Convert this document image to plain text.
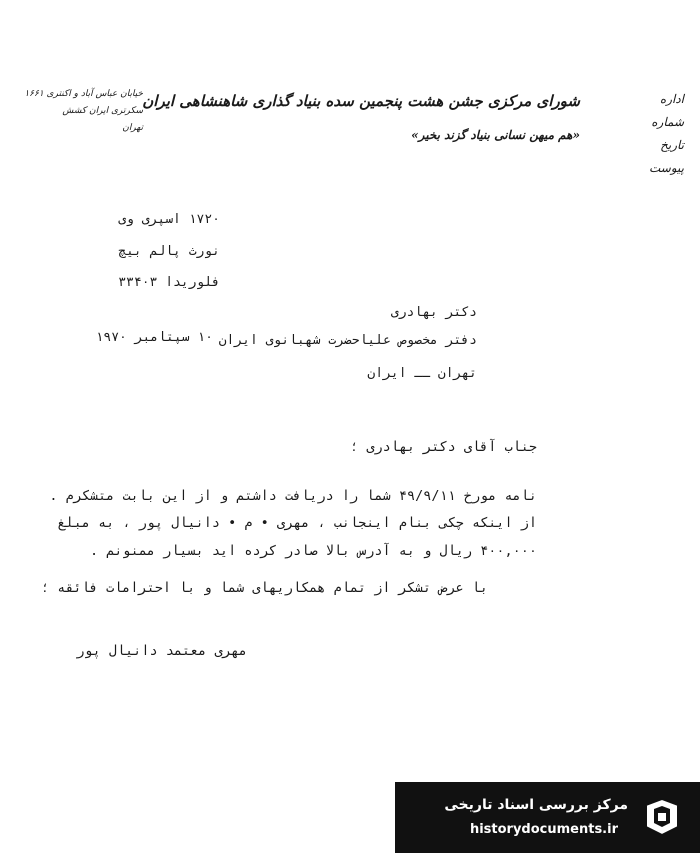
شورای مرکزی جشن هشت پنجمین سده بنیاد گذاری شاهنشاهی ایران
«هم میهن نسانی بنیاد گزند بخیر»
خیابان عباس آباد و اکنتری ۱۶۶۱
سکرتری ایران کشش
تهران
اداره
شماره
تاریخ
پیوست
۱۷۲۰ اسپری وی
نورث پالم بیچ
فلوریدا ۳۳۴۰۳
۱۰ سپتامبر ۱۹۷۰
دکتر بهادری
دفتر مخصوص علیاحضرت شهبانوی ایران
تهران ــ ایران
جناب آقای دکتر بهادری ؛
نامه مورخ ۴۹/۹/۱۱ شما را دریافت داشتم و از این بابت متشکرم .
از اینکه چکی بنام اینجانب ، مهری • م • دانیال پور ، به مبلغ
۴۰۰,۰۰۰ ریال و به آدرس بالا صادر کرده اید بسیار ممنونم .
با عرض تشکر از تمام همکاریهای شما و با احترامات فائقه ؛
مهری معتمد دانیال پور
مرکز بررسی اسناد تاریخی
historydocuments.ir
